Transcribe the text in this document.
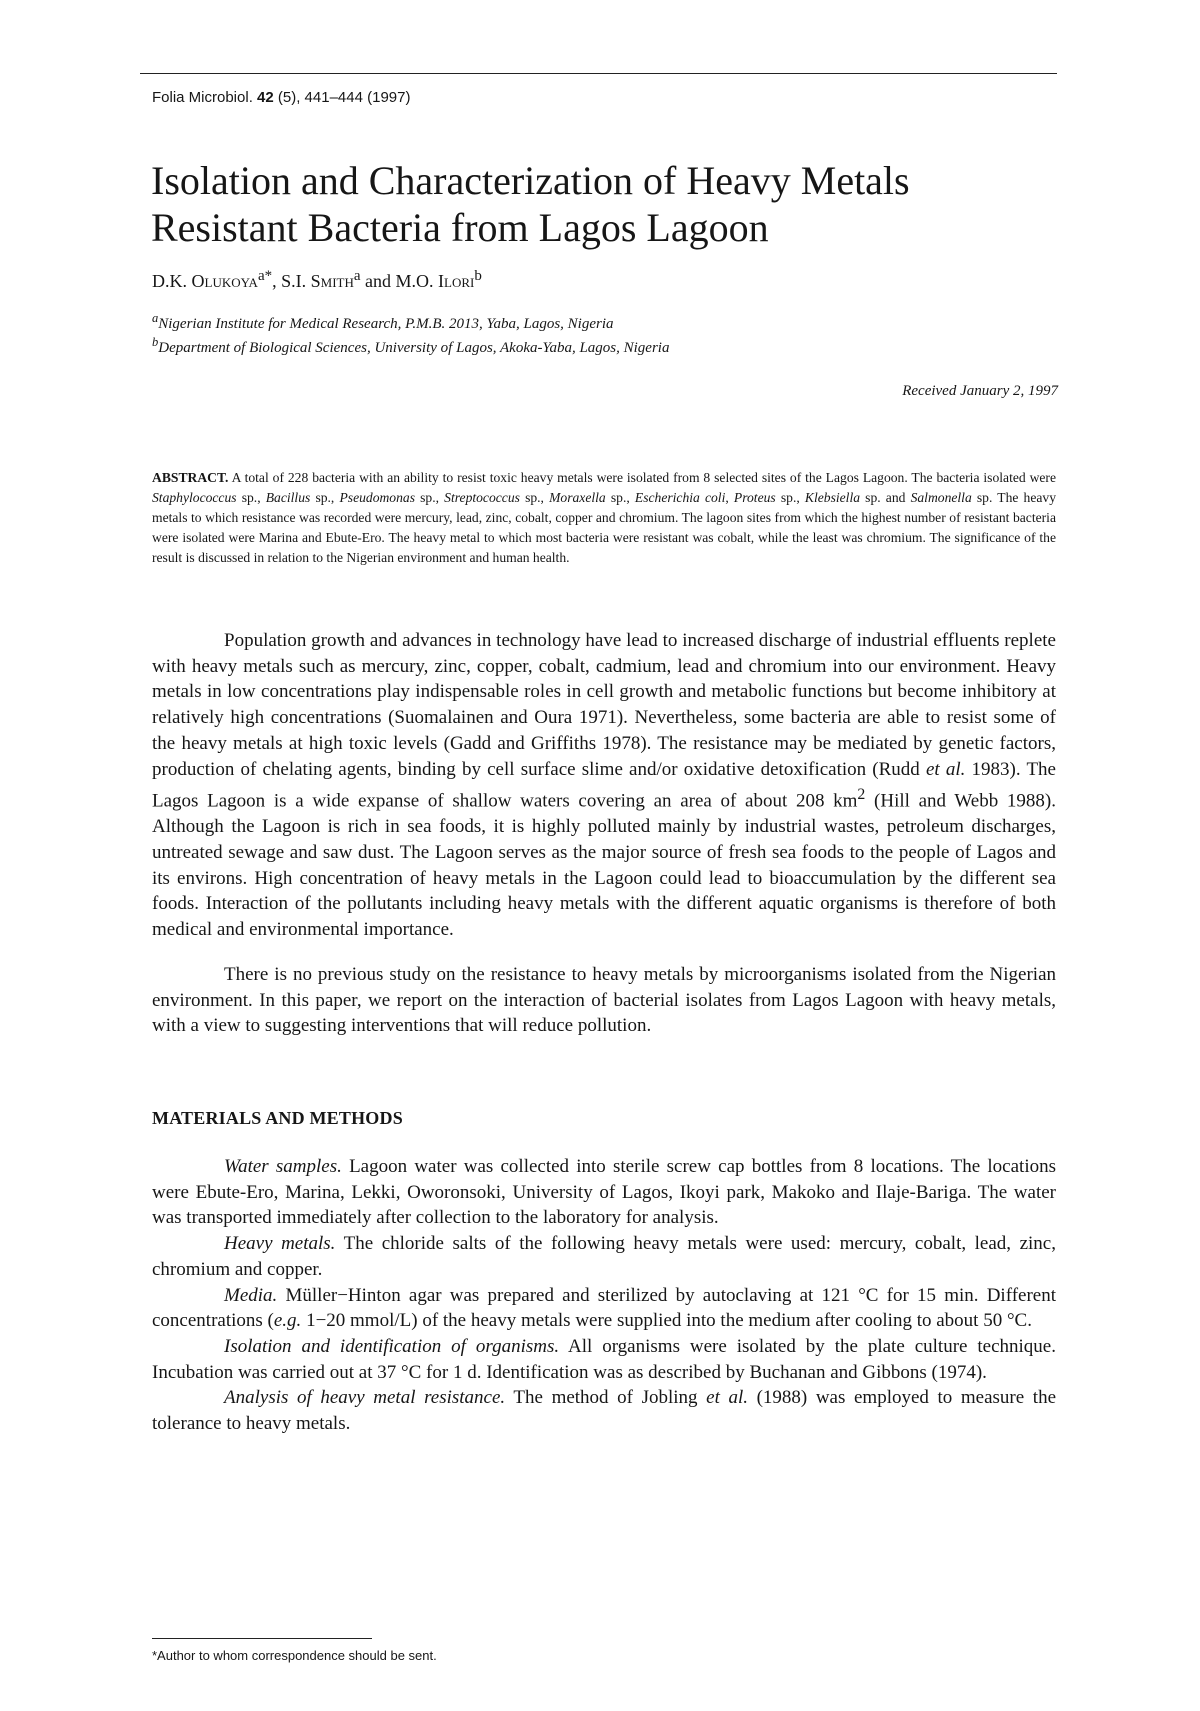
Folia Microbiol. 42 (5), 441–444 (1997)
Isolation and Characterization of Heavy Metals
Resistant Bacteria from Lagos Lagoon
D.K. Olukoya$^{a*}$, S.I. Smith$^a$ and M.O. Ilori$^b$
$^a$Nigerian Institute for Medical Research, P.M.B. 2013, Yaba, Lagos, Nigeria
$^b$Department of Biological Sciences, University of Lagos, Akoka-Yaba, Lagos, Nigeria
Received January 2, 1997

ABSTRACT. A total of 228 bacteria with an ability to resist toxic heavy metals were isolated from 8 selected sites of the Lagos Lagoon. The bacteria isolated were Staphylococcus sp., Bacillus sp., Pseudomonas sp., Streptococcus sp., Moraxella sp., Escherichia coli, Proteus sp., Klebsiella sp. and Salmonella sp. The heavy metals to which resistance was recorded were mercury, lead, zinc, cobalt, copper and chromium. The lagoon sites from which the highest number of resistant bacteria were isolated were Marina and Ebute-Ero. The heavy metal to which most bacteria were resistant was cobalt, while the least was chromium. The significance of the result is discussed in relation to the Nigerian environment and human health.

Population growth and advances in technology have lead to increased discharge of industrial effluents replete with heavy metals such as mercury, zinc, copper, cobalt, cadmium, lead and chromium into our environment. Heavy metals in low concentrations play indispensable roles in cell growth and metabolic functions but become inhibitory at relatively high concentrations (Suomalainen and Oura 1971). Nevertheless, some bacteria are able to resist some of the heavy metals at high toxic levels (Gadd and Griffiths 1978). The resistance may be mediated by genetic factors, production of chelating agents, binding by cell surface slime and/or oxidative detoxification (Rudd et al. 1983). The Lagos Lagoon is a wide expanse of shallow waters covering an area of about 208 $km^2$ (Hill and Webb 1988). Although the Lagoon is rich in sea foods, it is highly polluted mainly by industrial wastes, petroleum discharges, untreated sewage and saw dust. The Lagoon serves as the major source of fresh sea foods to the people of Lagos and its environs. High concentration of heavy metals in the Lagoon could lead to bioaccumulation by the different sea foods. Interaction of the pollutants including heavy metals with the different aquatic organisms is therefore of both medical and environmental importance.

There is no previous study on the resistance to heavy metals by microorganisms isolated from the Nigerian environment. In this paper, we report on the interaction of bacterial isolates from Lagos Lagoon with heavy metals, with a view to suggesting interventions that will reduce pollution.

MATERIALS AND METHODS

Water samples. Lagoon water was collected into sterile screw cap bottles from 8 locations. The locations were Ebute-Ero, Marina, Lekki, Oworonsoki, University of Lagos, Ikoyi park, Makoko and Ilaje-Bariga. The water was transported immediately after collection to the laboratory for analysis.

Heavy metals. The chloride salts of the following heavy metals were used: mercury, cobalt, lead, zinc, chromium and copper.

Media. Müller−Hinton agar was prepared and sterilized by autoclaving at 121 °C for 15 min. Different concentrations (e.g. 1−20 mmol/L) of the heavy metals were supplied into the medium after cooling to about 50 °C.

Isolation and identification of organisms. All organisms were isolated by the plate culture technique. Incubation was carried out at 37 °C for 1 d. Identification was as described by Buchanan and Gibbons (1974).

Analysis of heavy metal resistance. The method of Jobling et al. (1988) was employed to measure the tolerance to heavy metals.

*Author to whom correspondence should be sent.
